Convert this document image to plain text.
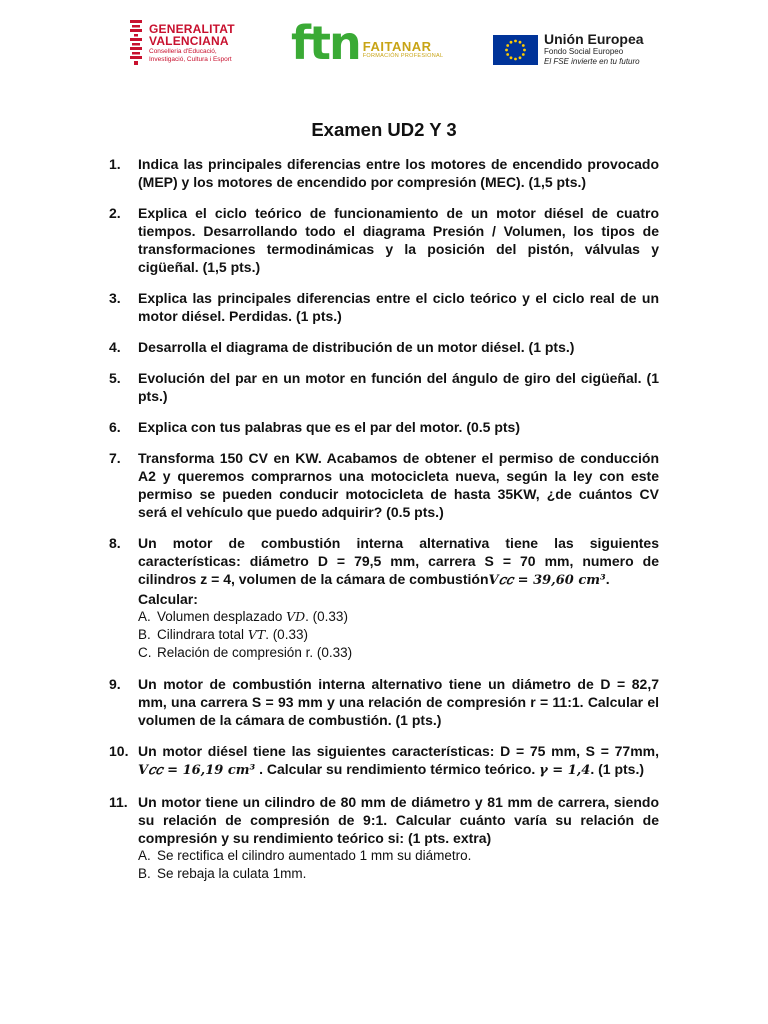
GENERALITAT
VALENCIANA
Conselleria d'Educació,
Investigació, Cultura i Esport ftn FAITANAR
FORMACIÓN PROFESIONAL
Unión Europea
Fondo Social Europeo
El FSE invierte en tu futuro
Examen UD2 Y 3
1.	Indica las principales diferencias entre los motores de encendido provocado (MEP) y los motores de encendido por compresión (MEC). (1,5 pts.)
2.	Explica el ciclo teórico de funcionamiento de un motor diésel de cuatro tiempos. Desarrollando todo el diagrama Presión / Volumen, los tipos de transformaciones termodinámicas y la posición del pistón, válvulas y cigüeñal. (1,5 pts.)
3.	Explica las principales diferencias entre el ciclo teórico y el ciclo real de un motor diésel. Perdidas. (1 pts.)
4.	Desarrolla el diagrama de distribución de un motor diésel. (1 pts.)
5.	Evolución del par en un motor en función del ángulo de giro del cigüeñal. (1 pts.)
6.	Explica con tus palabras que es el par del motor. (0.5 pts)
7.	Transforma 150 CV en KW. Acabamos de obtener el permiso de conducción A2 y queremos comprarnos una motocicleta nueva, según la ley con este permiso se pueden conducir motocicleta de hasta 35KW, ¿de cuántos CV será el vehículo que puedo adquirir? (0.5 pts.)
8.	Un motor de combustión interna alternativa tiene las siguientes características: diámetro D = 79,5 mm, carrera S = 70 mm, numero de cilindros z = 4, volumen de la cámara de combustiónV𝑐𝑐 = 39,60 cm³.
Calcular:
A. Volumen desplazado V𝐷. (0.33)
B. Cilindrara total V𝑇. (0.33)
C. Relación de compresión r. (0.33)
9.	Un motor de combustión interna alternativo tiene un diámetro de D = 82,7 mm, una carrera S = 93 mm y una relación de compresión r = 11:1. Calcular el volumen de la cámara de combustión. (1 pts.)
10. Un motor diésel tiene las siguientes características: D = 75 mm, S = 77mm, V𝑐𝑐 = 16,19 cm³ . Calcular su rendimiento térmico teórico. γ = 1,4. (1 pts.)
11. Un motor tiene un cilindro de 80 mm de diámetro y 81 mm de carrera, siendo su relación de compresión de 9:1. Calcular cuánto varía su relación de compresión y su rendimiento teórico si: (1 pts. extra)
A. Se rectifica el cilindro aumentado 1 mm su diámetro.
B. Se rebaja la culata 1mm.
